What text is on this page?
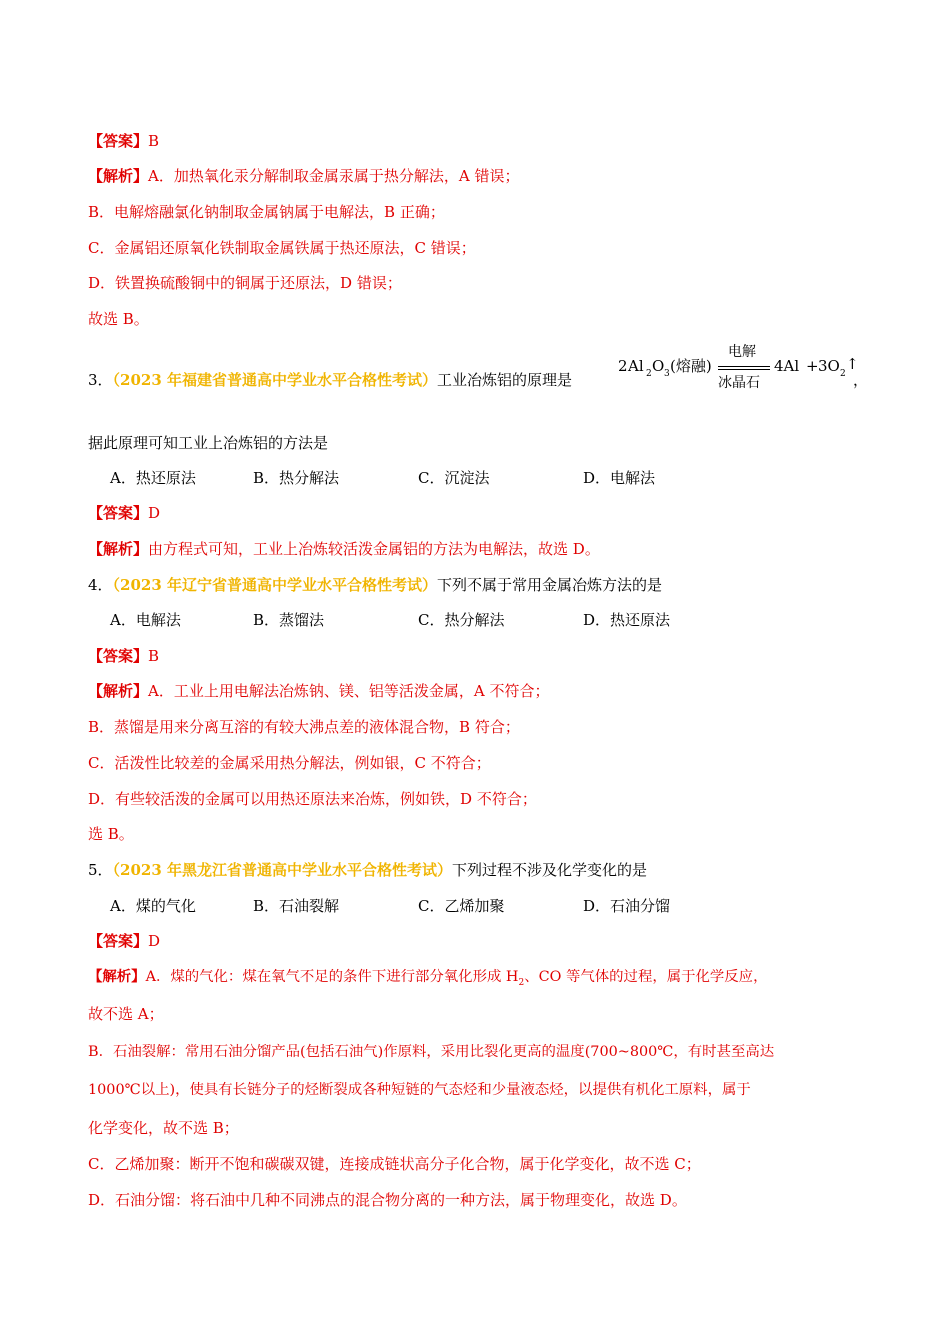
【答案】B
【解析】A．加热氧化汞分解制取金属汞属于热分解法，A 错误；
B．电解熔融氯化钠制取金属钠属于电解法，B 正确；
C．金属铝还原氧化铁制取金属铁属于热还原法，C 错误；
D．铁置换硫酸铜中的铜属于还原法，D 错误；
故选 B。
3．（2023 年福建省普通高中学业水平合格性考试）工业冶炼铝的原理是
2 Al 2 O 3 (熔融)
电解
冰晶石
4Al + 3O 2
↑
，
据此原理可知工业上冶炼铝的方法是
A．热还原法	B．热分解法	C．沉淀法	D．电解法
【答案】D
【解析】由方程式可知，工业上冶炼较活泼金属铝的方法为电解法，故选 D。
4．（2023 年辽宁省普通高中学业水平合格性考试）下列不属于常用金属冶炼方法的是
A．电解法	B．蒸馏法	C．热分解法	D．热还原法
【答案】B
【解析】A．工业上用电解法冶炼钠、镁、铝等活泼金属，A 不符合；
B．蒸馏是用来分离互溶的有较大沸点差的液体混合物，B 符合；
C．活泼性比较差的金属采用热分解法，例如银，C 不符合；
D．有些较活泼的金属可以用热还原法来冶炼，例如铁，D 不符合；
选 B。
5．（2023 年黑龙江省普通高中学业水平合格性考试）下列过程不涉及化学变化的是
A．煤的气化	B．石油裂解	C．乙烯加聚	D．石油分馏
【答案】D
【解析】A．煤的气化：煤在氧气不足的条件下进行部分氧化形成 $H_2$、CO 等气体的过程，属于化学反应，
故不选 A；
B．石油裂解：常用石油分馏产品(包括石油气)作原料，采用比裂化更高的温度(700~800℃，有时甚至高达
1000℃以上)，使具有长链分子的烃断裂成各种短链的气态烃和少量液态烃，以提供有机化工原料，属于
化学变化，故不选 B；
C．乙烯加聚：断开不饱和碳碳双键，连接成链状高分子化合物，属于化学变化，故不选 C；
D．石油分馏：将石油中几种不同沸点的混合物分离的一种方法，属于物理变化，故选 D。
